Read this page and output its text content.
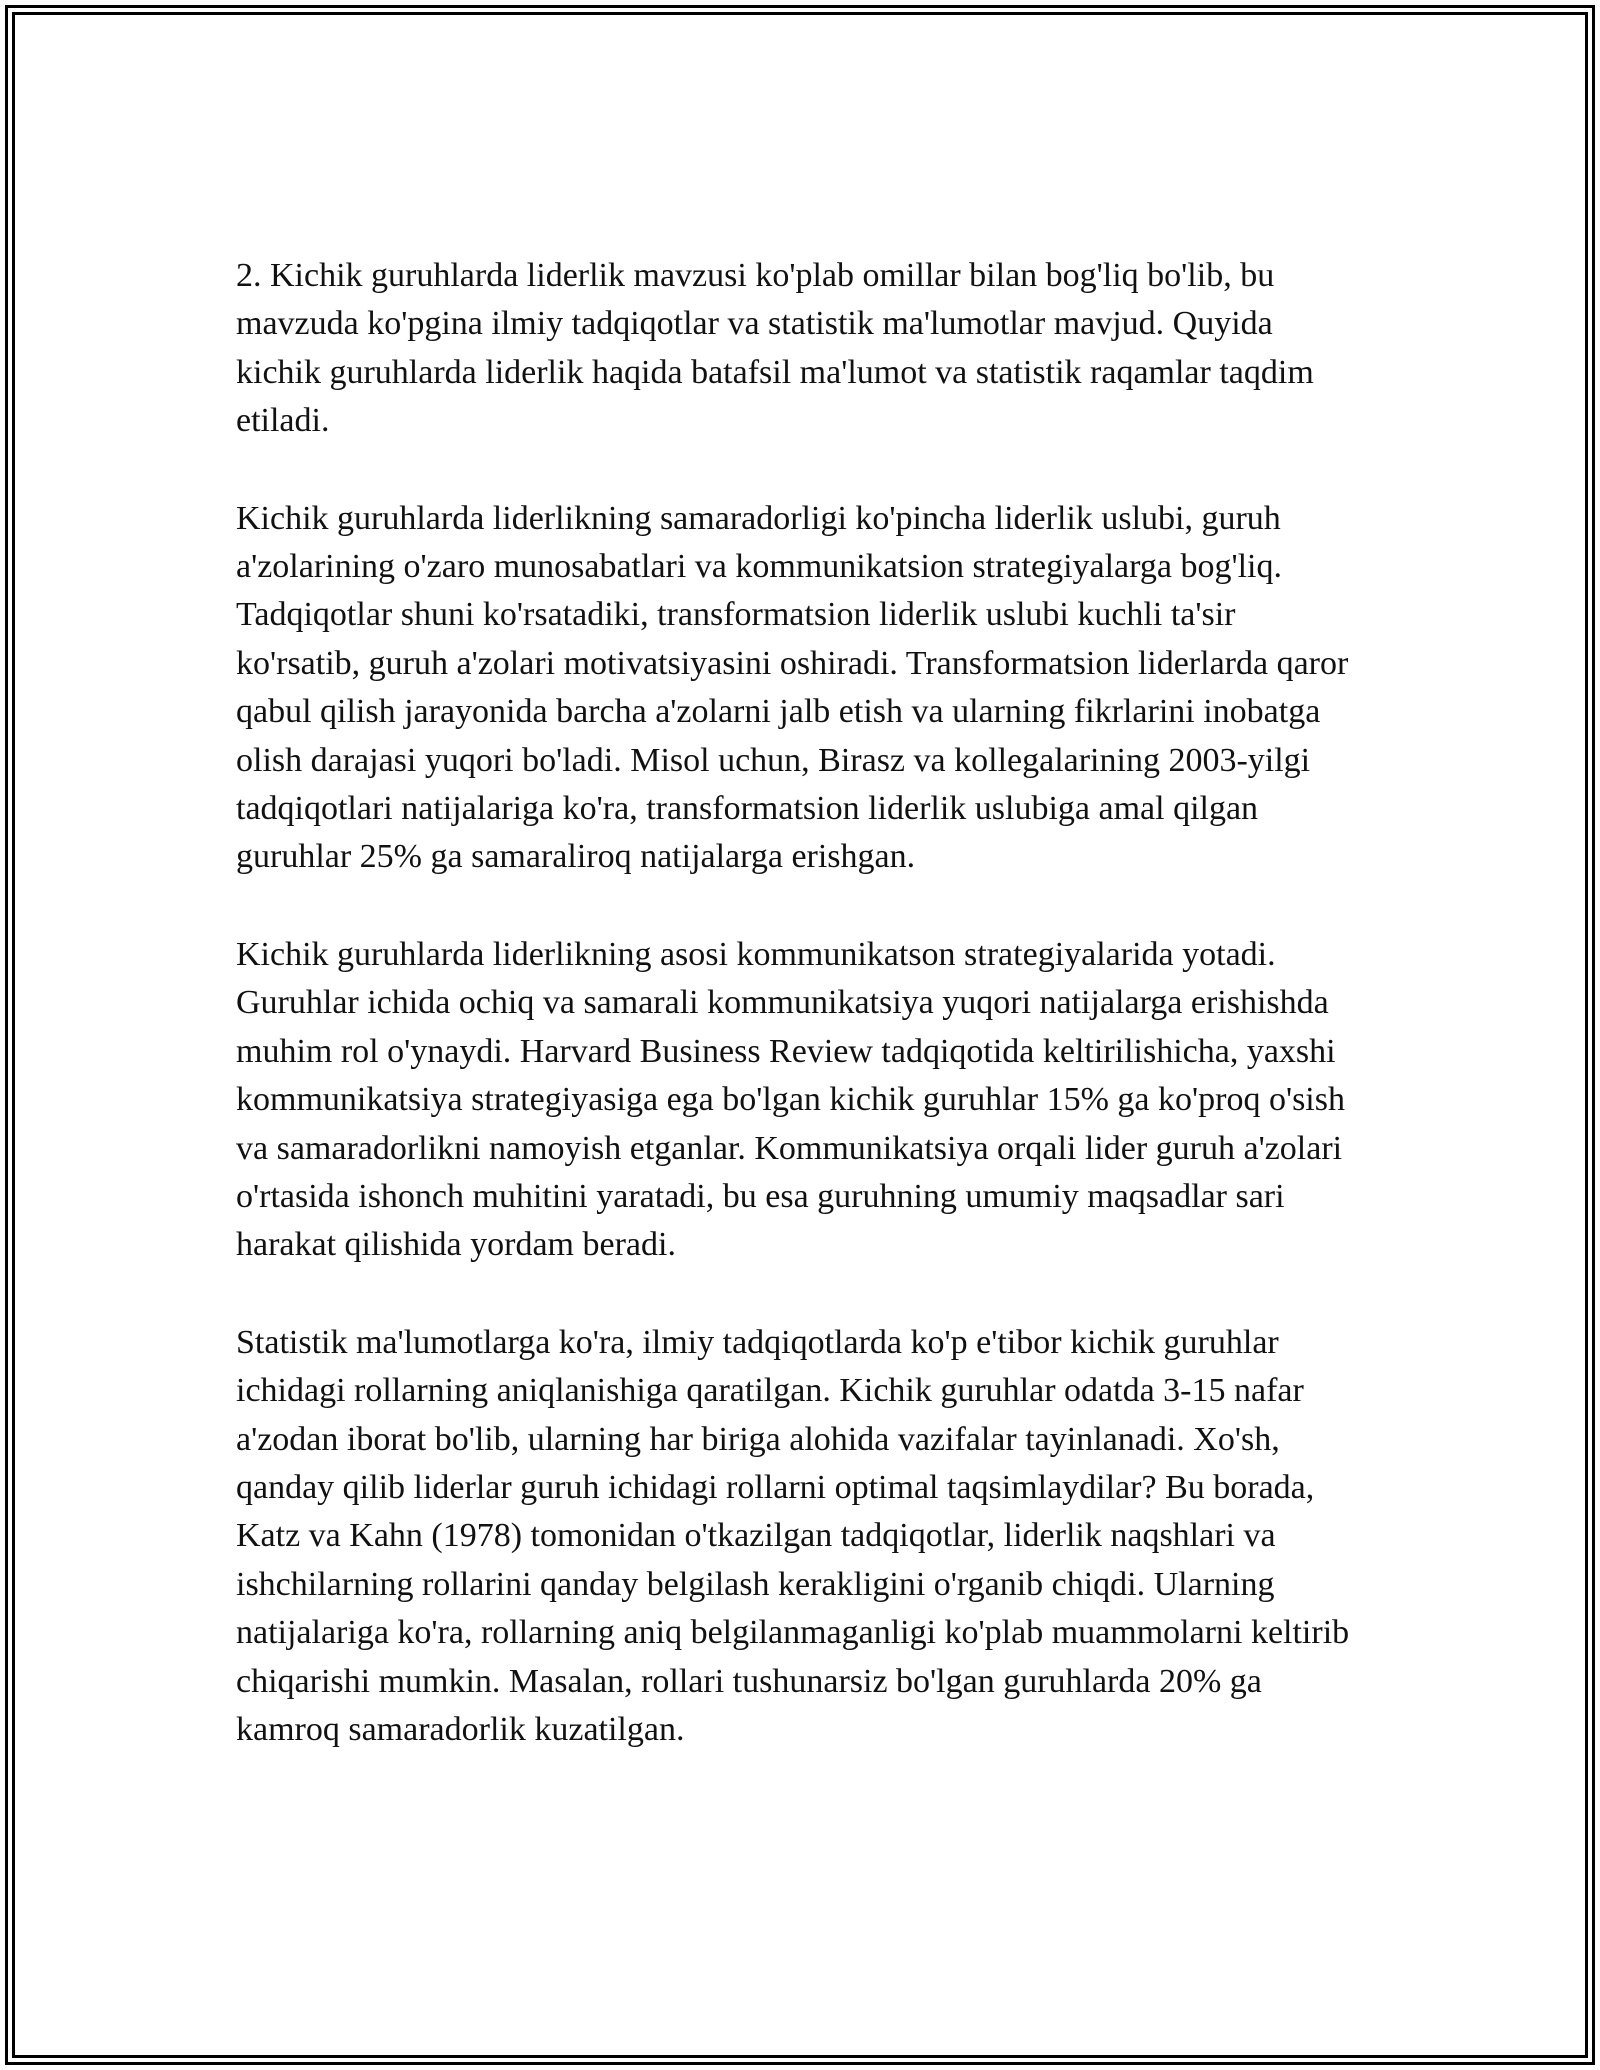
2. Kichik guruhlarda liderlik mavzusi ko'plab omillar bilan bog'liq bo'lib, bu mavzuda ko'pgina ilmiy tadqiqotlar va statistik ma'lumotlar mavjud. Quyida kichik guruhlarda liderlik haqida batafsil ma'lumot va statistik raqamlar taqdim etiladi.

Kichik guruhlarda liderlikning samaradorligi ko'pincha liderlik uslubi, guruh a'zolarining o'zaro munosabatlari va kommunikatsion strategiyalarga bog'liq. Tadqiqotlar shuni ko'rsatadiki, transformatsion liderlik uslubi kuchli ta'sir ko'rsatib, guruh a'zolari motivatsiyasini oshiradi. Transformatsion liderlarda qaror qabul qilish jarayonida barcha a'zolarni jalb etish va ularning fikrlarini inobatga olish darajasi yuqori bo'ladi. Misol uchun, Birasz va kollegalarining 2003-yilgi tadqiqotlari natijalariga ko'ra, transformatsion liderlik uslubiga amal qilgan guruhlar 25% ga samaraliroq natijalarga erishgan.

Kichik guruhlarda liderlikning asosi kommunikatson strategiyalarida yotadi. Guruhlar ichida ochiq va samarali kommunikatsiya yuqori natijalarga erishishda muhim rol o'ynaydi. Harvard Business Review tadqiqotida keltirilishicha, yaxshi kommunikatsiya strategiyasiga ega bo'lgan kichik guruhlar 15% ga ko'proq o'sish va samaradorlikni namoyish etganlar. Kommunikatsiya orqali lider guruh a'zolari o'rtasida ishonch muhitini yaratadi, bu esa guruhning umumiy maqsadlar sari harakat qilishida yordam beradi.

Statistik ma'lumotlarga ko'ra, ilmiy tadqiqotlarda ko'p e'tibor kichik guruhlar ichidagi rollarning aniqlanishiga qaratilgan. Kichik guruhlar odatda 3-15 nafar a'zodan iborat bo'lib, ularning har biriga alohida vazifalar tayinlanadi. Xo'sh, qanday qilib liderlar guruh ichidagi rollarni optimal taqsimlaydilar? Bu borada, Katz va Kahn (1978) tomonidan o'tkazilgan tadqiqotlar, liderlik naqshlari va ishchilarning rollarini qanday belgilash kerakligini o'rganib chiqdi. Ularning natijalariga ko'ra, rollarning aniq belgilanmaganligi ko'plab muammolarni keltirib chiqarishi mumkin. Masalan, rollari tushunarsiz bo'lgan guruhlarda 20% ga kamroq samaradorlik kuzatilgan.
